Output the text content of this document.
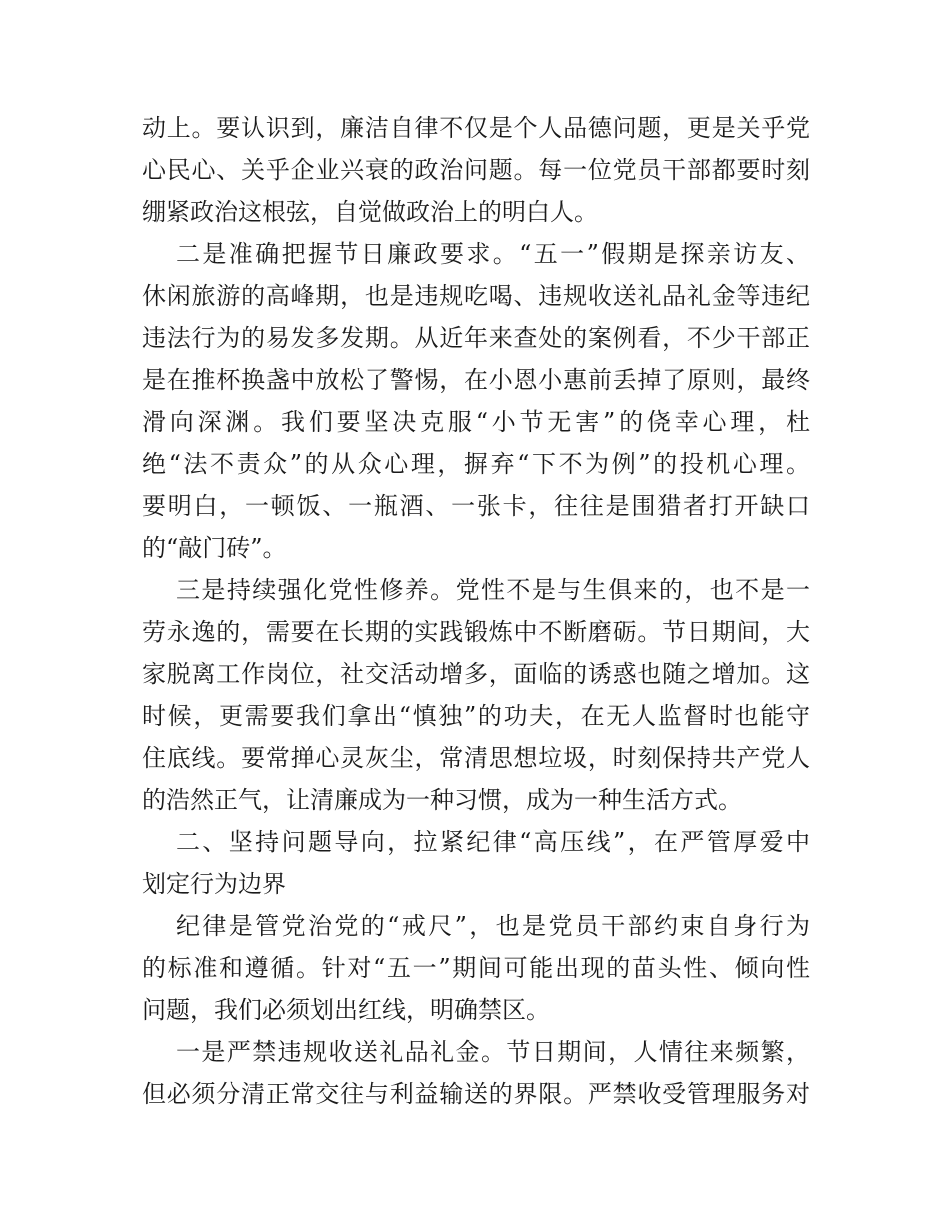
动上。要认识到，廉洁自律不仅是个人品德问题，更是关乎党
心民心、关乎企业兴衰的政治问题。每一位党员干部都要时刻
绷紧政治这根弦，自觉做政治上的明白人。
二是准确把握节日廉政要求。“五一”假期是探亲访友、
休闲旅游的高峰期，也是违规吃喝、违规收送礼品礼金等违纪
违法行为的易发多发期。从近年来查处的案例看，不少干部正
是在推杯换盏中放松了警惕，在小恩小惠前丢掉了原则，最终
滑向深渊。我们要坚决克服“小节无害”的侥幸心理，杜
绝“法不责众”的从众心理，摒弃“下不为例”的投机心理。
要明白，一顿饭、一瓶酒、一张卡，往往是围猎者打开缺口
的“敲门砖”。
三是持续强化党性修养。党性不是与生俱来的，也不是一
劳永逸的，需要在长期的实践锻炼中不断磨砺。节日期间，大
家脱离工作岗位，社交活动增多，面临的诱惑也随之增加。这
时候，更需要我们拿出“慎独”的功夫，在无人监督时也能守
住底线。要常掸心灵灰尘，常清思想垃圾，时刻保持共产党人
的浩然正气，让清廉成为一种习惯，成为一种生活方式。
二、坚持问题导向，拉紧纪律“高压线”，在严管厚爱中
划定行为边界
纪律是管党治党的“戒尺”，也是党员干部约束自身行为
的标准和遵循。针对“五一”期间可能出现的苗头性、倾向性
问题，我们必须划出红线，明确禁区。
一是严禁违规收送礼品礼金。节日期间，人情往来频繁，
但必须分清正常交往与利益输送的界限。严禁收受管理服务对
